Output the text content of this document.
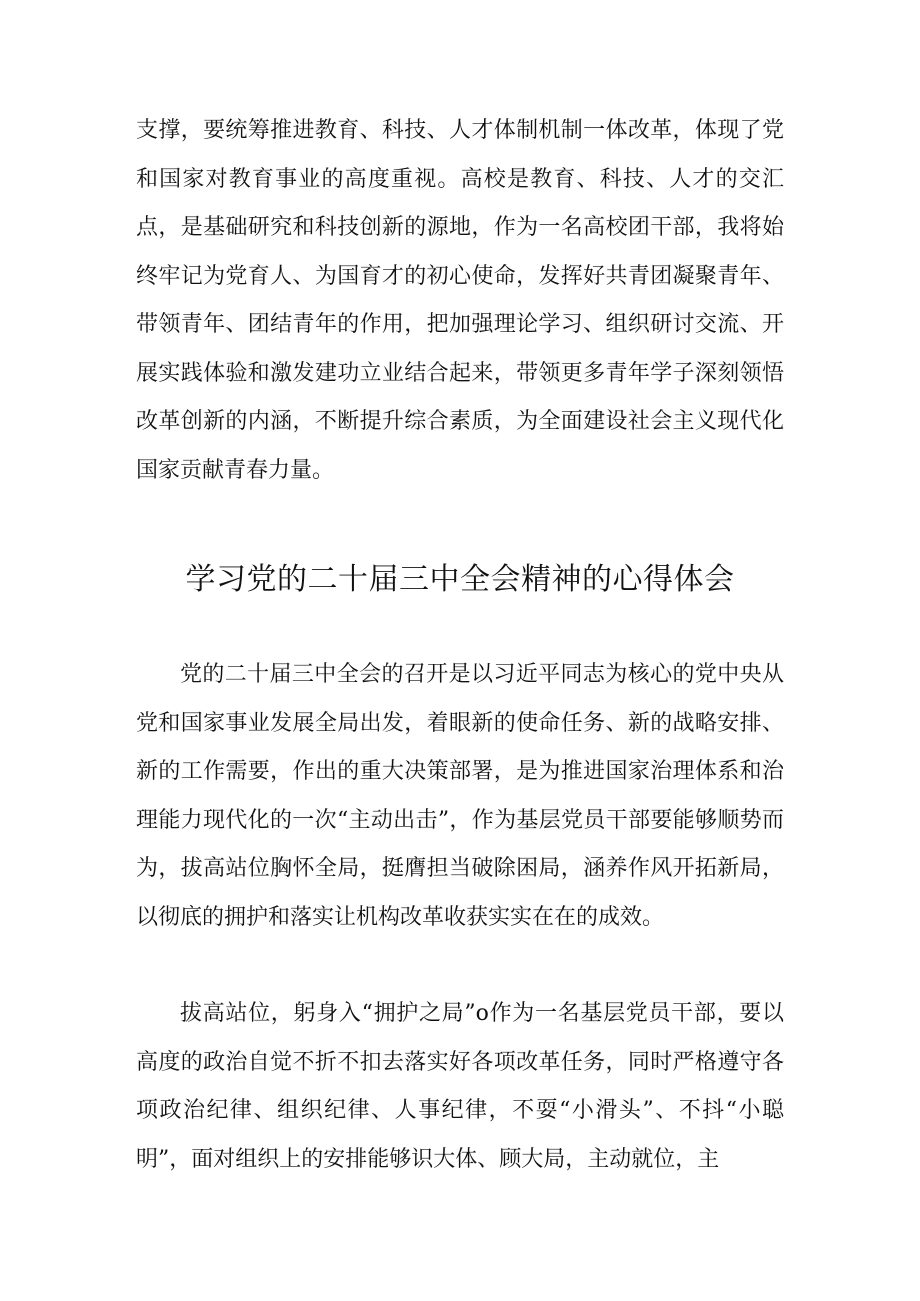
支撑，要统筹推进教育、科技、人才体制机制一体改革，体现了党和国家对教育事业的高度重视。高校是教育、科技、人才的交汇点，是基础研究和科技创新的源地，作为一名高校团干部，我将始终牢记为党育人、为国育才的初心使命，发挥好共青团凝聚青年、带领青年、团结青年的作用，把加强理论学习、组织研讨交流、开展实践体验和激发建功立业结合起来，带领更多青年学子深刻领悟改革创新的内涵，不断提升综合素质，为全面建设社会主义现代化国家贡献青春力量。

学习党的二十届三中全会精神的心得体会

党的二十届三中全会的召开是以习近平同志为核心的党中央从党和国家事业发展全局出发，着眼新的使命任务、新的战略安排、新的工作需要，作出的重大决策部署，是为推进国家治理体系和治理能力现代化的一次“主动出击”，作为基层党员干部要能够顺势而为，拔高站位胸怀全局，挺膺担当破除困局，涵养作风开拓新局，以彻底的拥护和落实让机构改革收获实实在在的成效。

拔高站位，躬身入“拥护之局”o作为一名基层党员干部，要以高度的政治自觉不折不扣去落实好各项改革任务，同时严格遵守各项政治纪律、组织纪律、人事纪律，不耍“小滑头”、不抖“小聪明”，面对组织上的安排能够识大体、顾大局，主动就位，主
